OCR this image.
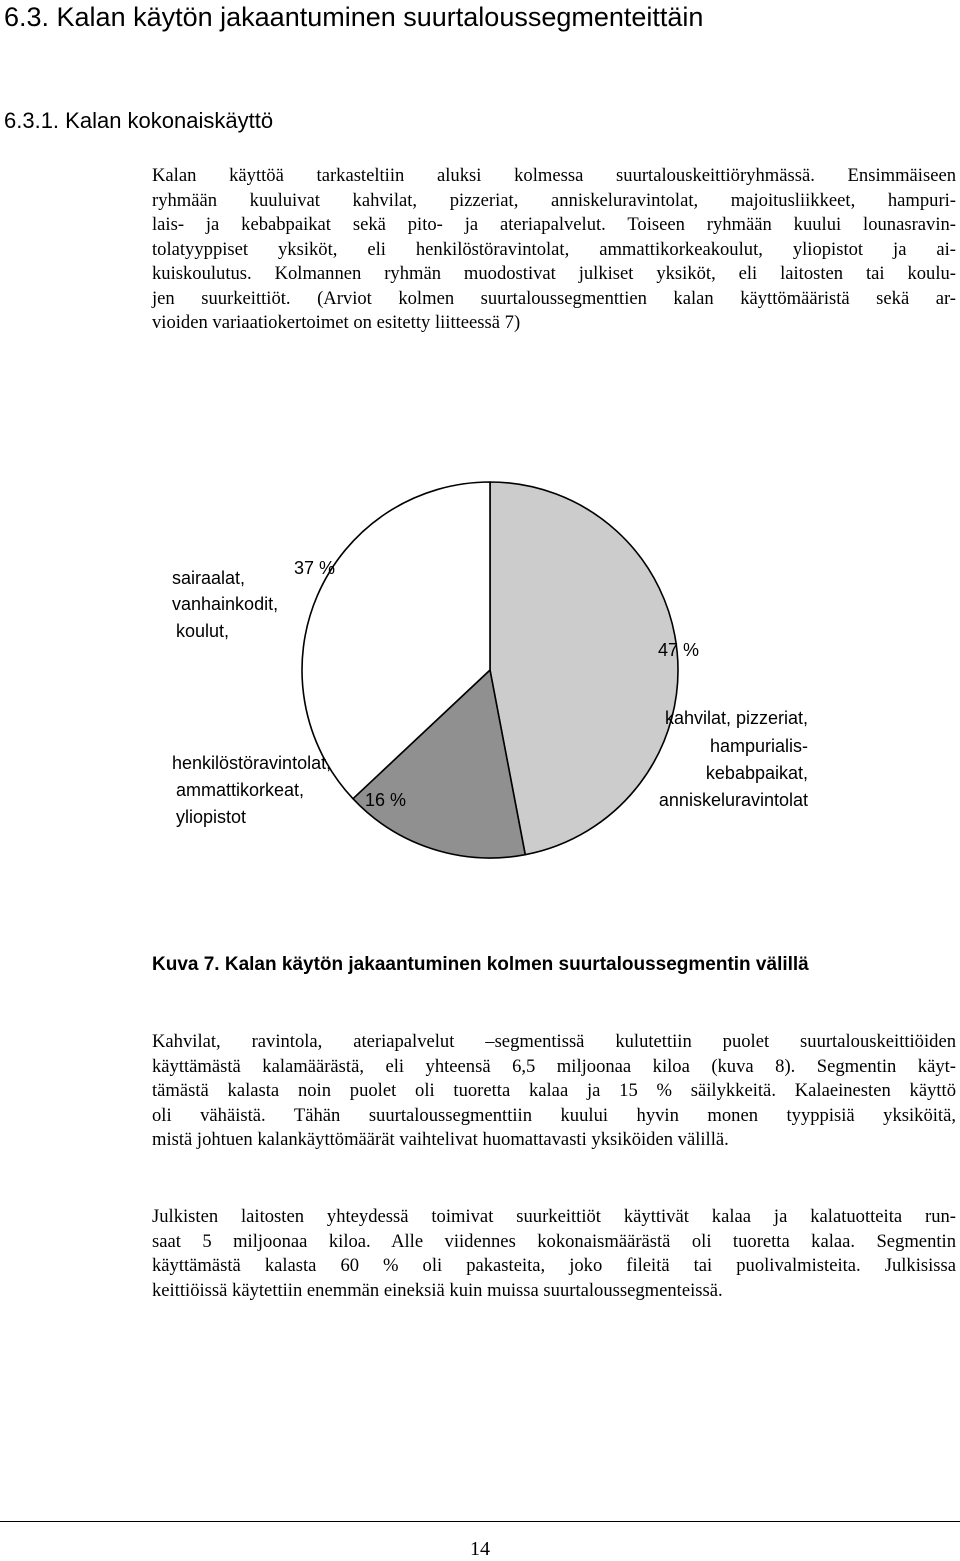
6.3. Kalan käytön jakaantuminen suurtaloussegmenteittäin
6.3.1. Kalan kokonaiskäyttö
Kalan käyttöä tarkasteltiin aluksi kolmessa suurtalouskeittiöryhmässä. Ensimmäiseen
ryhmään kuuluivat kahvilat, pizzeriat, anniskeluravintolat, majoitusliikkeet, hampuri-
lais- ja kebabpaikat sekä pito- ja ateriapalvelut. Toiseen ryhmään kuului lounasravin-
tolatyyppiset yksiköt, eli henkilöstöravintolat, ammattikorkeakoulut, yliopistot ja ai-
kuiskoulutus. Kolmannen ryhmän muodostivat julkiset yksiköt, eli laitosten tai koulu-
jen suurkeittiöt. (Arviot kolmen suurtaloussegmenttien kalan käyttömääristä sekä ar-
vioiden variaatiokertoimet on esitetty liitteessä 7)
47 %
kahvilat, pizzeriat,
hampurialis-
kebabpaikat,
anniskeluravintolat
16 %
henkilöstöravintolat,
ammattikorkeat,
yliopistot
37 %
sairaalat,
vanhainkodit,
koulut,
Kuva 7. Kalan käytön jakaantuminen kolmen suurtaloussegmentin välillä
Kahvilat, ravintola, ateriapalvelut –segmentissä kulutettiin puolet suurtalouskeittiöiden
käyttämästä kalamäärästä, eli yhteensä 6,5 miljoonaa kiloa (kuva 8). Segmentin käyt-
tämästä kalasta noin puolet oli tuoretta kalaa ja 15 % säilykkeitä. Kalaeinesten käyttö
oli vähäistä. Tähän suurtaloussegmenttiin kuului hyvin monen tyyppisiä yksiköitä,
mistä johtuen kalankäyttömäärät vaihtelivat huomattavasti yksiköiden välillä.
Julkisten laitosten yhteydessä toimivat suurkeittiöt käyttivät kalaa ja kalatuotteita run-
saat 5 miljoonaa kiloa. Alle viidennes kokonaismäärästä oli tuoretta kalaa. Segmentin
käyttämästä kalasta 60 % oli pakasteita, joko fileitä tai puolivalmisteita. Julkisissa
keittiöissä käytettiin enemmän eineksiä kuin muissa suurtaloussegmenteissä.
14
